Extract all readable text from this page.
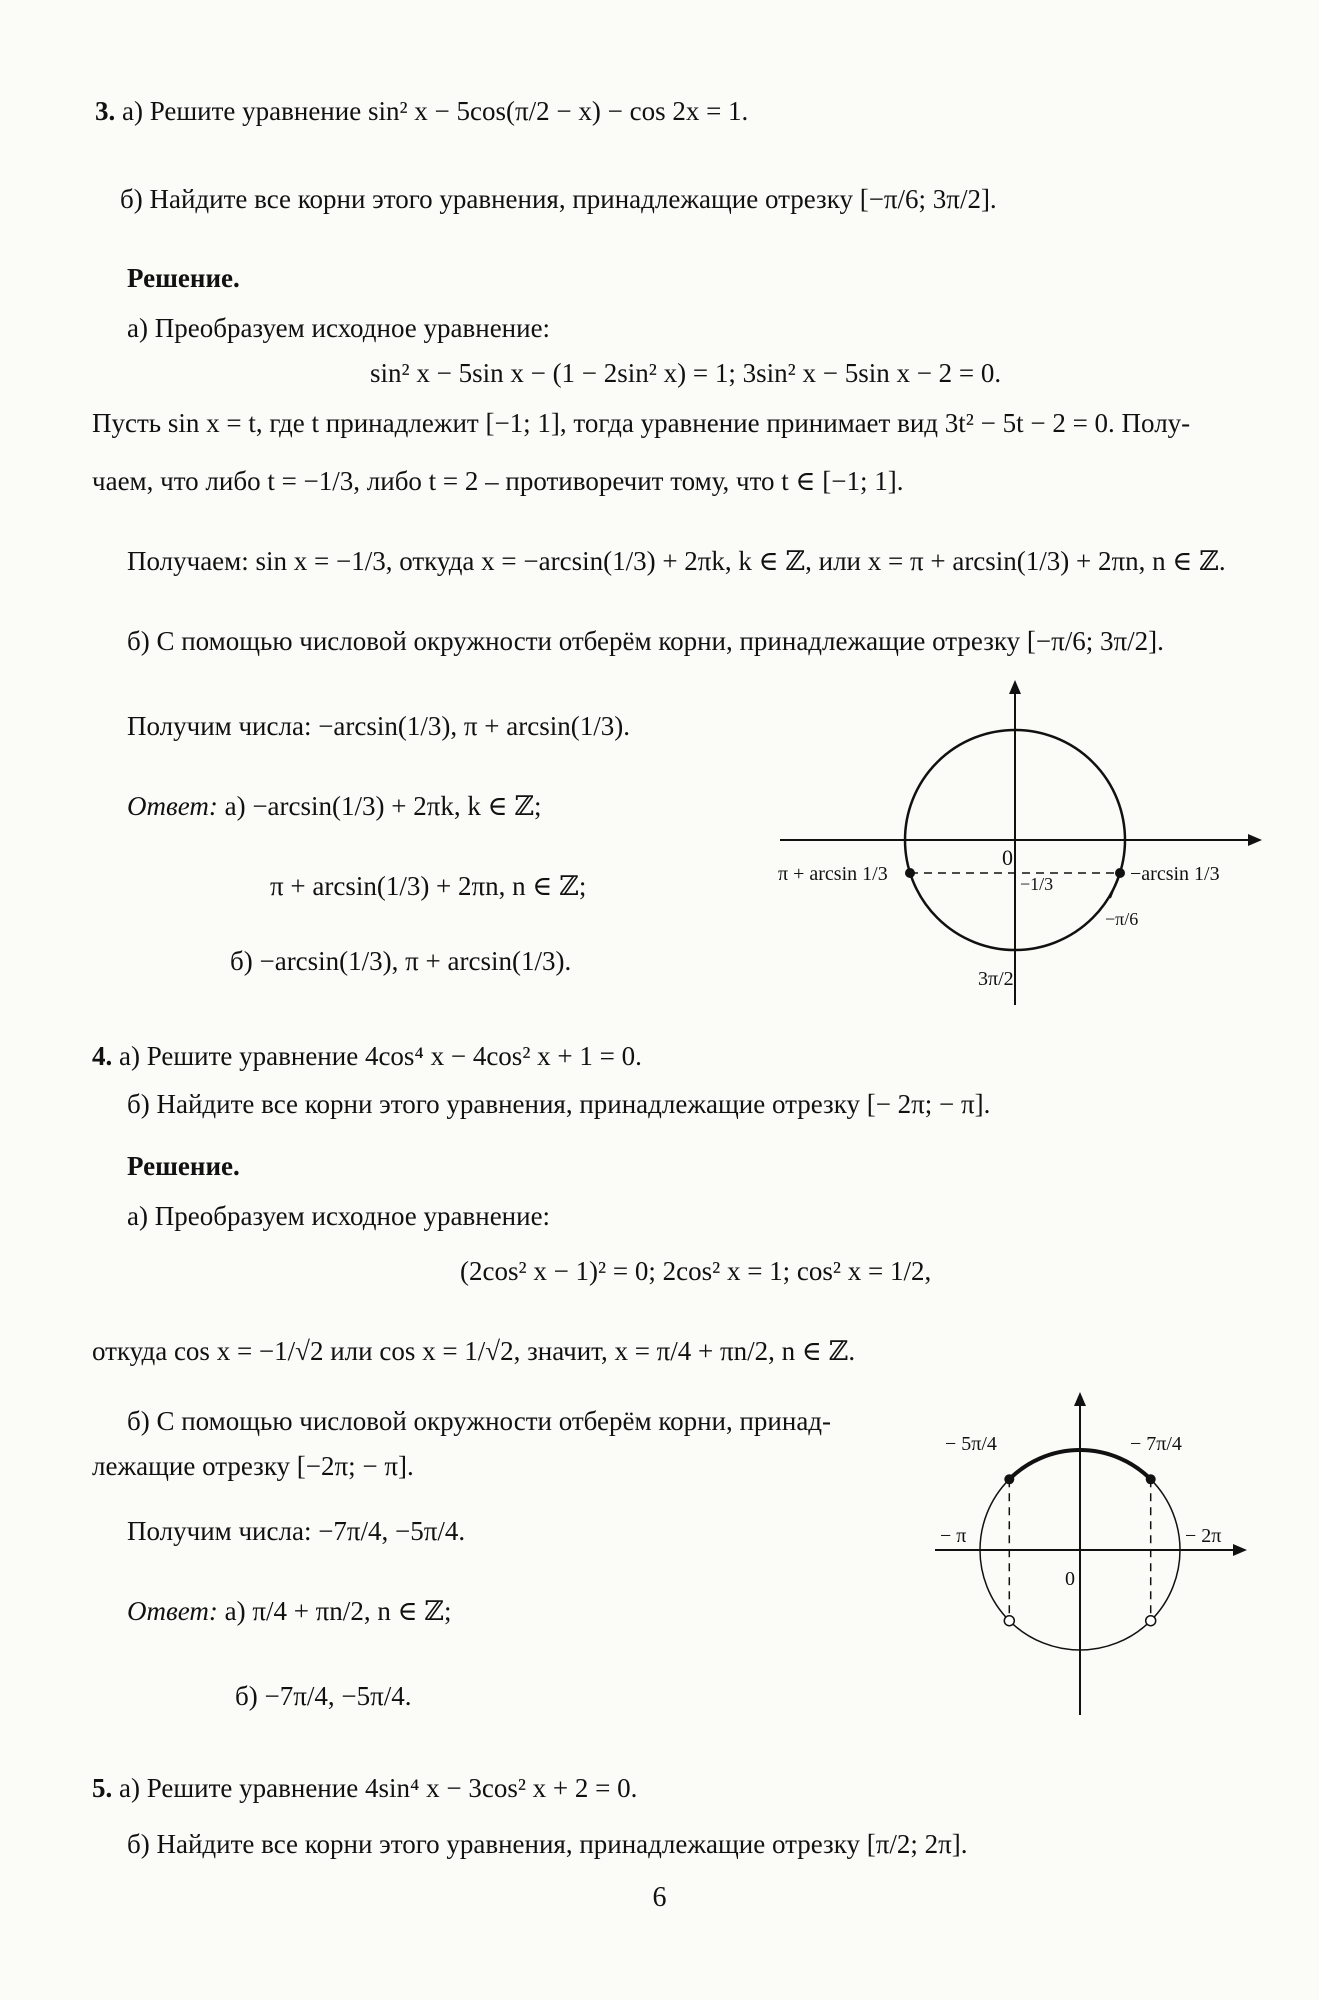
3. а) Решите уравнение sin² x − 5cos(π/2 − x) − cos 2x = 1.
б) Найдите все корни этого уравнения, принадлежащие отрезку [−π/6; 3π/2].
Решение.
а) Преобразуем исходное уравнение:
sin² x − 5sin x − (1 − 2sin² x) = 1; 3sin² x − 5sin x − 2 = 0.
Пусть sin x = t, где t принадлежит [−1; 1], тогда уравнение принимает вид 3t² − 5t − 2 = 0. Полу-
чаем, что либо t = −1/3, либо t = 2 – противоречит тому, что t ∈ [−1; 1].
Получаем: sin x = −1/3, откуда x = −arcsin(1/3) + 2πk, k ∈ ℤ, или x = π + arcsin(1/3) + 2πn, n ∈ ℤ.
б) С помощью числовой окружности отберём корни, принадлежащие отрезку [−π/6; 3π/2].
Получим числа: −arcsin(1/3), π + arcsin(1/3).
Ответ: а) −arcsin(1/3) + 2πk, k ∈ ℤ;
π + arcsin(1/3) + 2πn, n ∈ ℤ;
б) −arcsin(1/3), π + arcsin(1/3).
0
π + arcsin 1/3	−arcsin 1/3
−1/3
−π/6
3π/2
4. а) Решите уравнение 4cos⁴ x − 4cos² x + 1 = 0.
б) Найдите все корни этого уравнения, принадлежащие отрезку [− 2π; − π].
Решение.
а) Преобразуем исходное уравнение:
(2cos² x − 1)² = 0; 2cos² x = 1; cos² x = 1/2,
откуда cos x = −1/√2 или cos x = 1/√2, значит, x = π/4 + πn/2, n ∈ ℤ.
б) С помощью числовой окружности отберём корни, принад-
лежащие отрезку [−2π; − π].
Получим числа: −7π/4, −5π/4.
Ответ: а) π/4 + πn/2, n ∈ ℤ;
б) −7π/4, −5π/4.
0
− 5π/4	− 7π/4
− π	− 2π
5. а) Решите уравнение 4sin⁴ x − 3cos² x + 2 = 0.
б) Найдите все корни этого уравнения, принадлежащие отрезку [π/2; 2π].
6
